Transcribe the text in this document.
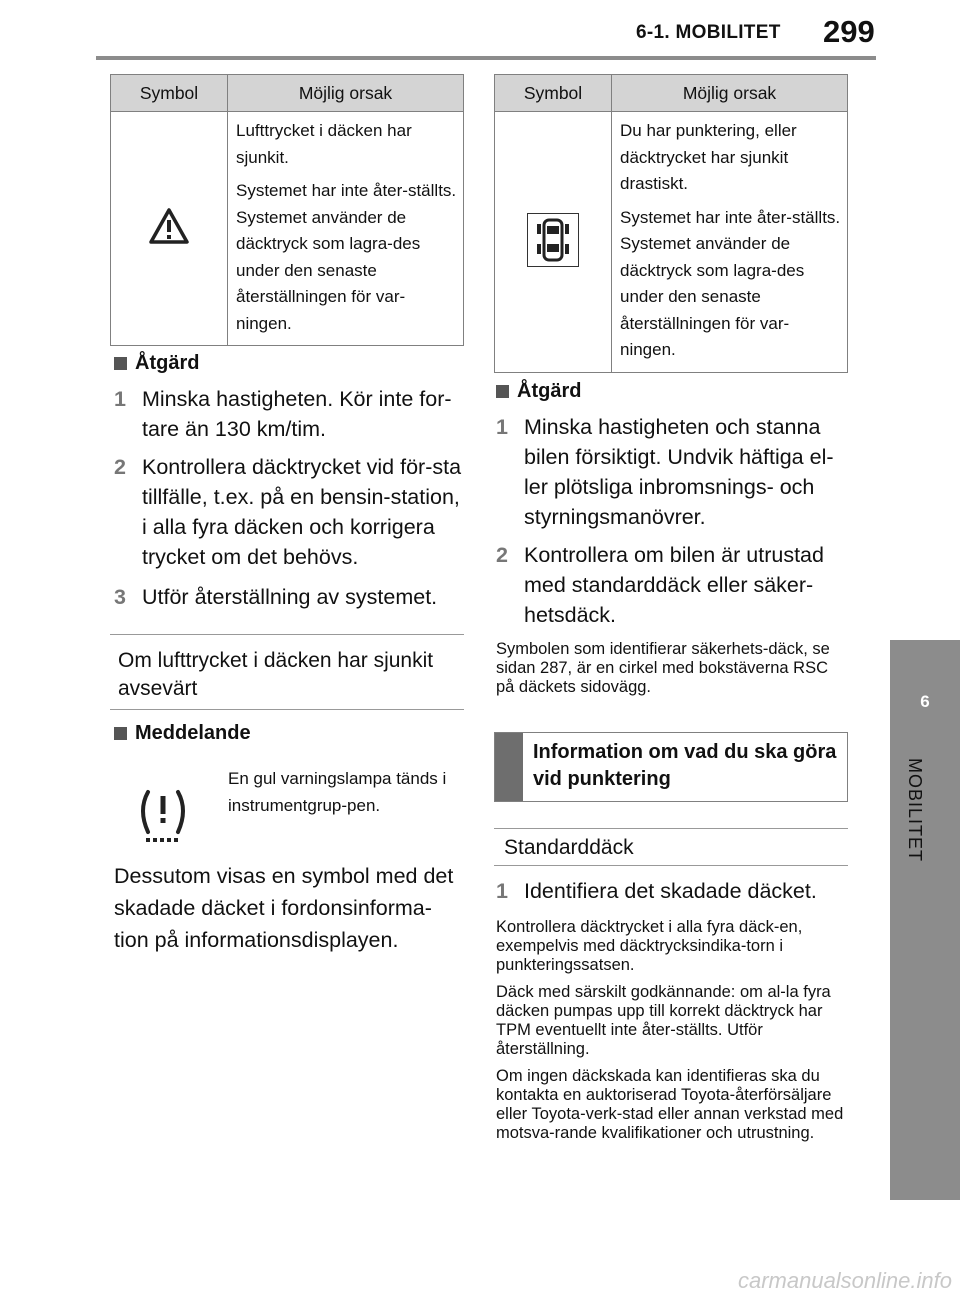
6-1. MOBILITET 299
6
MOBILITET
Symbol	Möjlig orsak

Lufttrycket i däcken har sjunkit.

Systemet har inte åter-ställts. Systemet använder de däcktryck som lagra-des under den senaste återställningen för var-ningen.

Åtgärd
1 Minska hastigheten. Kör inte for-tare än 130 km/tim.
2 Kontrollera däcktrycket vid för-sta tillfälle, t.ex. på en bensin-station, i alla fyra däcken och korrigera trycket om det behövs.
3 Utför återställning av systemet.
Om lufttrycket i däcken har sjunkit avsevärt
Meddelande
En gul varningslampa tänds i instrumentgrup-pen.
Dessutom visas en symbol med det skadade däcket i fordonsinforma-tion på informationsdisplayen.
Symbol	Möjlig orsak

Du har punktering, eller däcktrycket har sjunkit drastiskt.

Systemet har inte åter-ställts. Systemet använder de däcktryck som lagra-des under den senaste återställningen för var-ningen.

Åtgärd
1 Minska hastigheten och stanna bilen försiktigt. Undvik häftiga el-ler plötsliga inbromsnings- och styrningsmanövrer.
2 Kontrollera om bilen är utrustad med standarddäck eller säker-hetsdäck.
Symbolen som identifierar säkerhets-däck, se sidan 287, är en cirkel med bokstäverna RSC på däckets sidovägg.
Information om vad du ska göra vid punktering
Standarddäck
1 Identifiera det skadade däcket.

Kontrollera däcktrycket i alla fyra däck-en, exempelvis med däcktrycksindika-torn i punkteringssatsen.

Däck med särskilt godkännande: om al-la fyra däcken pumpas upp till korrekt däcktryck har TPM eventuellt inte åter-ställts. Utför återställning.

Om ingen däckskada kan identifieras ska du kontakta en auktoriserad Toyota-återförsäljare eller Toyota-verk-stad eller annan verkstad med motsva-rande kvalifikationer och utrustning.

carmanualsonline.info
